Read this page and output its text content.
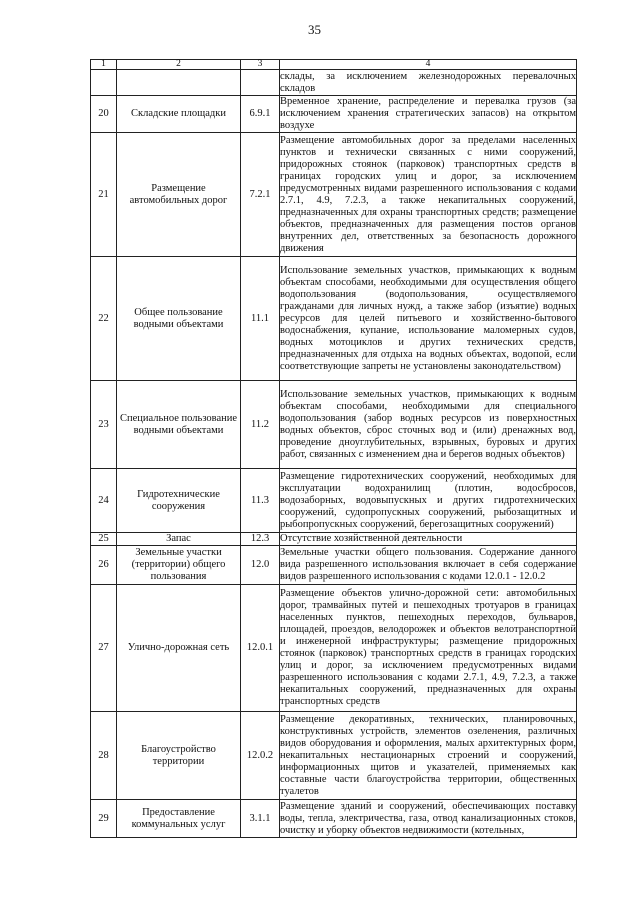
35
1	2	3	4
			склады, за исключением железнодорожных перевалочных складов
20	Складские площадки	6.9.1	Временное хранение, распределение и перевалка грузов (за исключением хранения стратегических запасов) на открытом воздухе
21	Размещение автомобильных дорог	7.2.1	Размещение автомобильных дорог за пределами населенных пунктов и технически связанных с ними сооружений, придорожных стоянок (парковок) транспортных средств в границах городских улиц и дорог, за исключением предусмотренных видами разрешенного использования с кодами 2.7.1, 4.9, 7.2.3, а также некапитальных сооружений, предназначенных для охраны транспортных средств; размещение объектов, предназначенных для размещения постов органов внутренних дел, ответственных за безопасность дорожного движения
22	Общее пользование водными объектами	11.1	Использование земельных участков, примыкающих к водным объектам способами, необходимыми для осуществления общего водопользования (водопользования, осуществляемого гражданами для личных нужд, а также забор (изъятие) водных ресурсов для целей питьевого и хозяйственно-бытового водоснабжения, купание, использование маломерных судов, водных мотоциклов и других технических средств, предназначенных для отдыха на водных объектах, водопой, если соответствующие запреты не установлены законодательством)
23	Специальное пользование водными объектами	11.2	Использование земельных участков, примыкающих к водным объектам способами, необходимыми для специального водопользования (забор водных ресурсов из поверхностных водных объектов, сброс сточных вод и (или) дренажных вод, проведение дноуглубительных, взрывных, буровых и других работ, связанных с изменением дна и берегов водных объектов)
24	Гидротехнические сооружения	11.3	Размещение гидротехнических сооружений, необходимых для эксплуатации водохранилищ (плотин, водосбросов, водозаборных, водовыпускных и других гидротехнических сооружений, судопропускных сооружений, рыбозащитных и рыбопропускных сооружений, берегозащитных сооружений)
25	Запас	12.3	Отсутствие хозяйственной деятельности
26	Земельные участки (территории) общего пользования	12.0	Земельные участки общего пользования. Содержание данного вида разрешенного использования включает в себя содержание видов разрешенного использования с кодами 12.0.1 - 12.0.2
27	Улично-дорожная сеть	12.0.1	Размещение объектов улично-дорожной сети: автомобильных дорог, трамвайных путей и пешеходных тротуаров в границах населенных пунктов, пешеходных переходов, бульваров, площадей, проездов, велодорожек и объектов велотранспортной и инженерной инфраструктуры; размещение придорожных стоянок (парковок) транспортных средств в границах городских улиц и дорог, за исключением предусмотренных видами разрешенного использования с кодами 2.7.1, 4.9, 7.2.3, а также некапитальных сооружений, предназначенных для охраны транспортных средств
28	Благоустройство территории	12.0.2	Размещение декоративных, технических, планировочных, конструктивных устройств, элементов озеленения, различных видов оборудования и оформления, малых архитектурных форм, некапитальных нестационарных строений и сооружений, информационных щитов и указателей, применяемых как составные части благоустройства территории, общественных туалетов
29	Предоставление коммунальных услуг	3.1.1	Размещение зданий и сооружений, обеспечивающих поставку воды, тепла, электричества, газа, отвод канализационных стоков, очистку и уборку объектов недвижимости (котельных,
